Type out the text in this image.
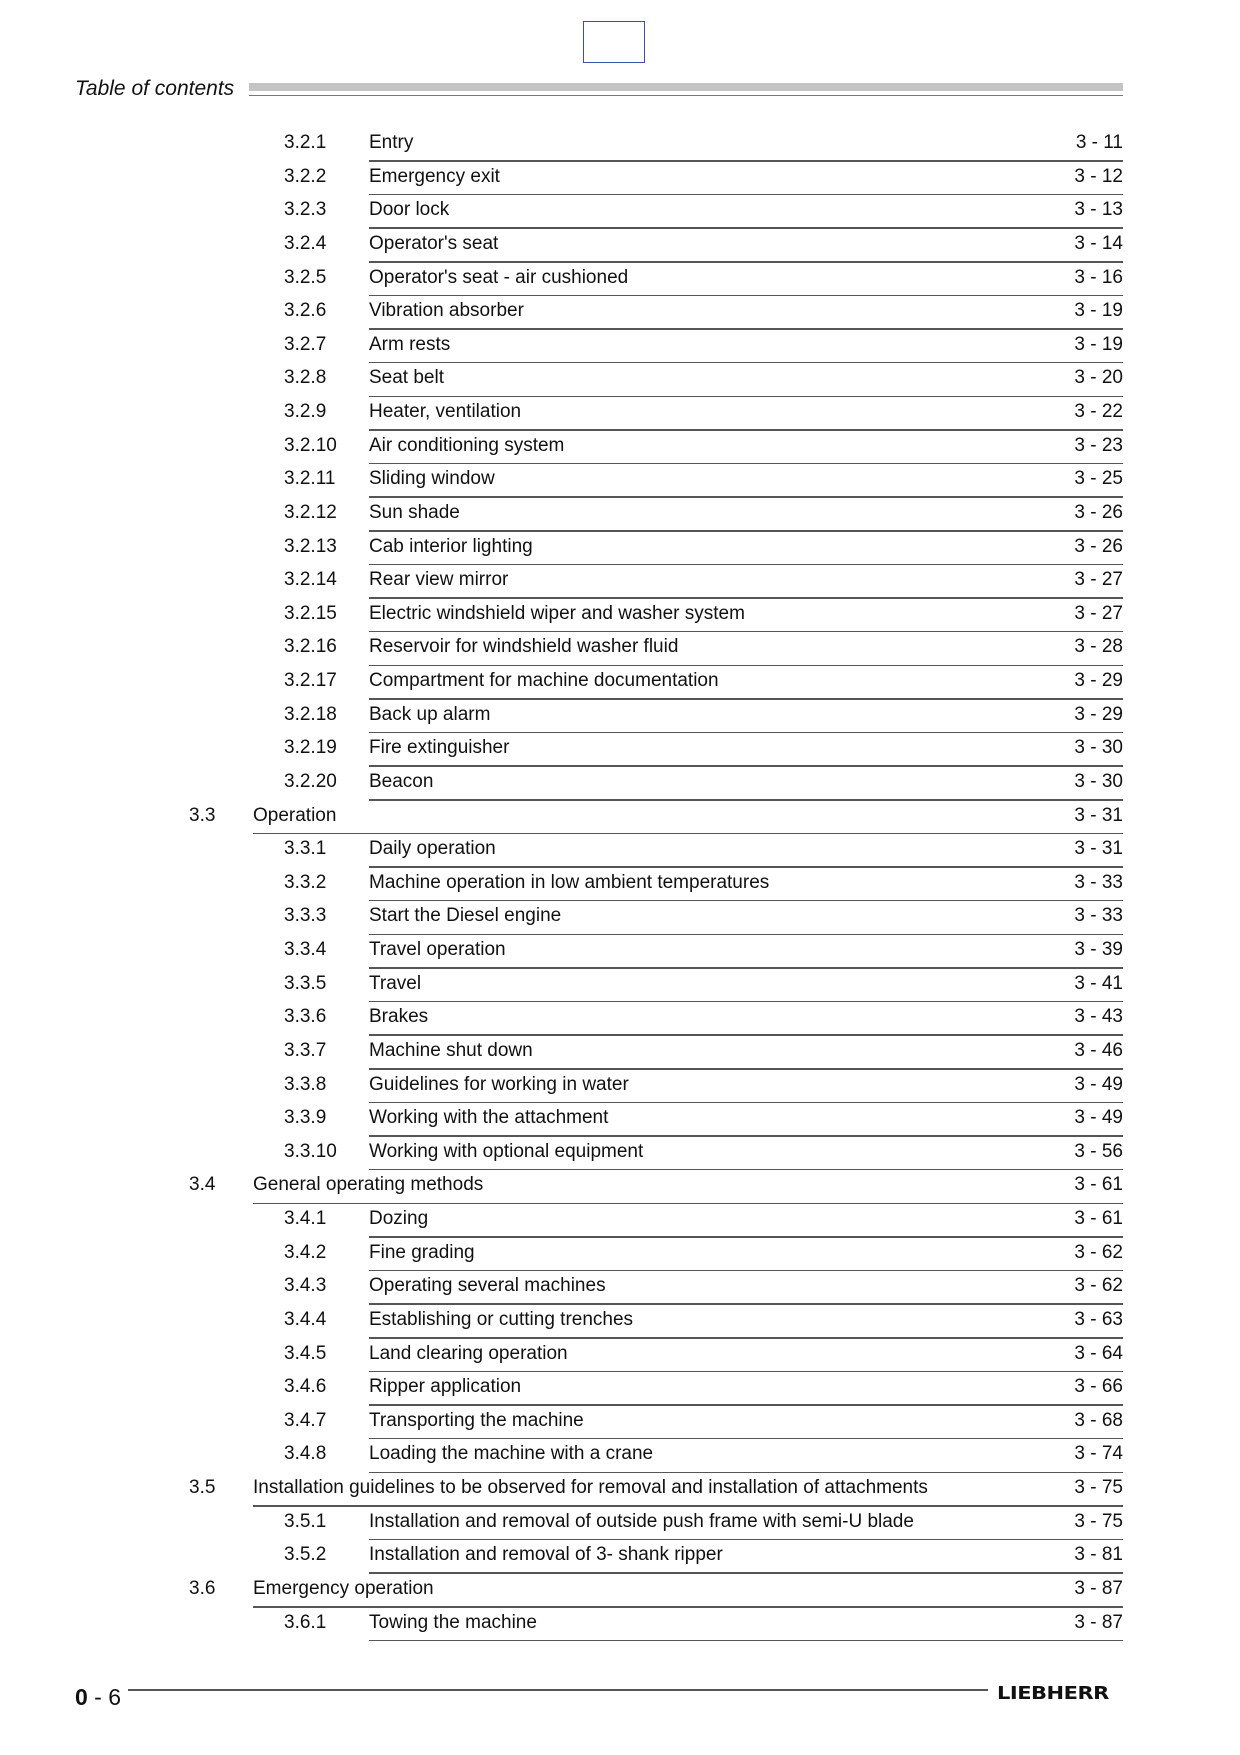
Table of contents
3.2.1 Entry	3 - 11
3.2.2 Emergency exit	3 - 12
3.2.3 Door lock	3 - 13
3.2.4 Operator's seat	3 - 14
3.2.5 Operator's seat - air cushioned	3 - 16
3.2.6 Vibration absorber	3 - 19
3.2.7 Arm rests	3 - 19
3.2.8 Seat belt	3 - 20
3.2.9 Heater, ventilation	3 - 22
3.2.10 Air conditioning system	3 - 23
3.2.11 Sliding window	3 - 25
3.2.12 Sun shade	3 - 26
3.2.13 Cab interior lighting	3 - 26
3.2.14 Rear view mirror	3 - 27
3.2.15 Electric windshield wiper and washer system	3 - 27
3.2.16 Reservoir for windshield washer fluid	3 - 28
3.2.17 Compartment for machine documentation	3 - 29
3.2.18 Back up alarm	3 - 29
3.2.19 Fire extinguisher	3 - 30
3.2.20 Beacon	3 - 30
3.3 Operation	3 - 31
3.3.1 Daily operation	3 - 31
3.3.2 Machine operation in low ambient temperatures	3 - 33
3.3.3 Start the Diesel engine	3 - 33
3.3.4 Travel operation	3 - 39
3.3.5 Travel	3 - 41
3.3.6 Brakes	3 - 43
3.3.7 Machine shut down	3 - 46
3.3.8 Guidelines for working in water	3 - 49
3.3.9 Working with the attachment	3 - 49
3.3.10 Working with optional equipment	3 - 56
3.4 General operating methods	3 - 61
3.4.1 Dozing	3 - 61
3.4.2 Fine grading	3 - 62
3.4.3 Operating several machines	3 - 62
3.4.4 Establishing or cutting trenches	3 - 63
3.4.5 Land clearing operation	3 - 64
3.4.6 Ripper application	3 - 66
3.4.7 Transporting the machine	3 - 68
3.4.8 Loading the machine with a crane	3 - 74
3.5 Installation guidelines to be observed for removal and installation of attachments	3 - 75
3.5.1 Installation and removal of outside push frame with semi-U blade	3 - 75
3.5.2 Installation and removal of 3- shank ripper	3 - 81
3.6 Emergency operation	3 - 87
3.6.1 Towing the machine	3 - 87
0 - 6	LIEBHERR
